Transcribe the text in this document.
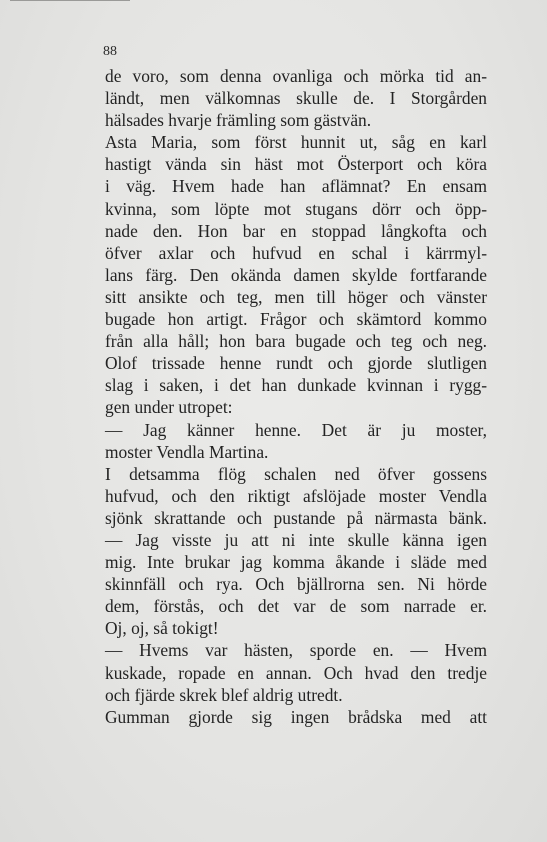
88
de voro, som denna ovanliga och mörka tid an-
ländt, men välkomnas skulle de. I Storgården
hälsades hvarje främling som gästvän.
Asta Maria, som först hunnit ut, såg en karl
hastigt vända sin häst mot Österport och köra
i väg. Hvem hade han aflämnat? En ensam
kvinna, som löpte mot stugans dörr och öpp-
nade den. Hon bar en stoppad långkofta och
öfver axlar och hufvud en schal i kärrmyl-
lans färg. Den okända damen skylde fortfarande
sitt ansikte och teg, men till höger och vänster
bugade hon artigt. Frågor och skämtord kommo
från alla håll; hon bara bugade och teg och neg.
Olof trissade henne rundt och gjorde slutligen
slag i saken, i det han dunkade kvinnan i rygg-
gen under utropet:
— Jag känner henne. Det är ju moster,
moster Vendla Martina.
I detsamma flög schalen ned öfver gossens
hufvud, och den riktigt afslöjade moster Vendla
sjönk skrattande och pustande på närmasta bänk.
— Jag visste ju att ni inte skulle känna igen
mig. Inte brukar jag komma åkande i släde med
skinnfäll och rya. Och bjällrorna sen. Ni hörde
dem, förstås, och det var de som narrade er.
Oj, oj, så tokigt!
— Hvems var hästen, sporde en. — Hvem
kuskade, ropade en annan. Och hvad den tredje
och fjärde skrek blef aldrig utredt.
Gumman gjorde sig ingen brådska med att
